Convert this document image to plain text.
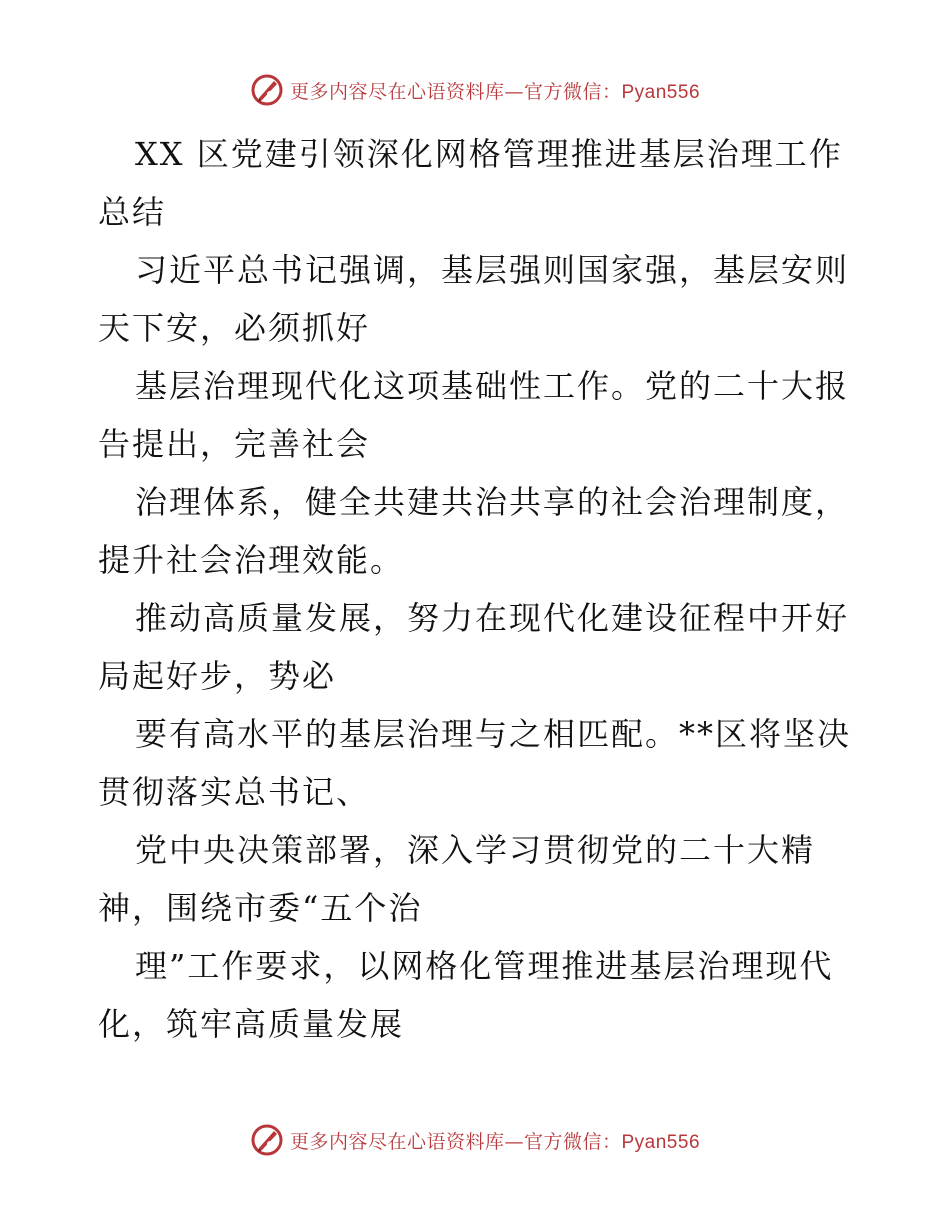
更多内容尽在心语资料库—官方微信：Pyan556
XX 区党建引领深化网格管理推进基层治理工作
总结
习近平总书记强调，基层强则国家强，基层安则
天下安，必须抓好
基层治理现代化这项基础性工作。党的二十大报
告提出，完善社会
治理体系，健全共建共治共享的社会治理制度，
提升社会治理效能。
推动高质量发展，努力在现代化建设征程中开好
局起好步，势必
要有高水平的基层治理与之相匹配。**区将坚决
贯彻落实总书记、
党中央决策部署，深入学习贯彻党的二十大精
神，围绕市委“五个治
理”工作要求，以网格化管理推进基层治理现代
化，筑牢高质量发展
更多内容尽在心语资料库—官方微信：Pyan556
